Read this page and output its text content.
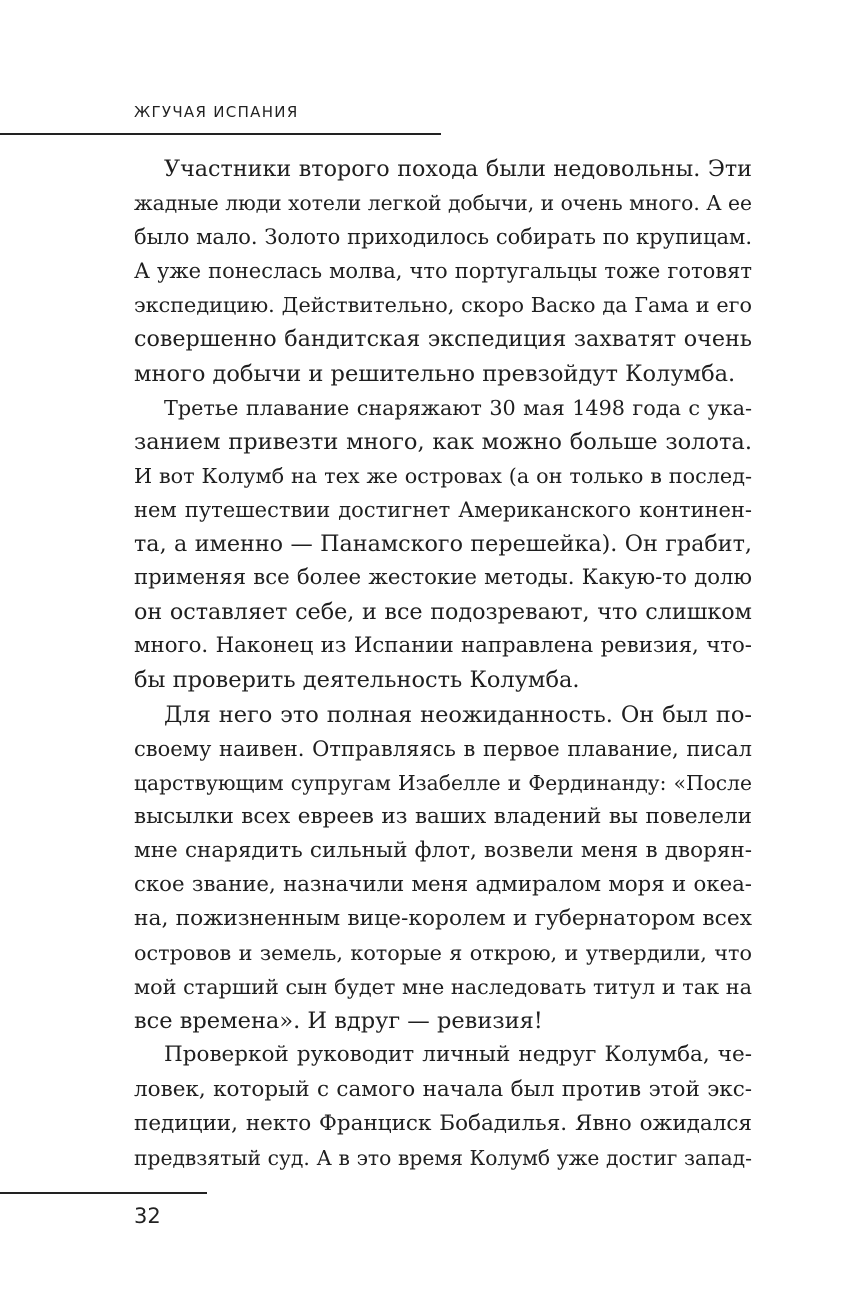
ЖГУЧАЯ ИСПАНИЯ

Участники второго похода были недовольны. Эти
жадные люди хотели легкой добычи, и очень много. А ее
было мало. Золото приходилось собирать по крупицам.
А уже понеслась молва, что португальцы тоже готовят
экспедицию. Действительно, скоро Васко да Гама и его
совершенно бандитская экспедиция захватят очень
много добычи и решительно превзойдут Колумба.

Третье плавание снаряжают 30 мая 1498 года с ука-
занием привезти много, как можно больше золота.
И вот Колумб на тех же островах (а он только в послед-
нем путешествии достигнет Американского континен-
та, а именно — Панамского перешейка). Он грабит,
применяя все более жестокие методы. Какую-то долю
он оставляет себе, и все подозревают, что слишком
много. Наконец из Испании направлена ревизия, что-
бы проверить деятельность Колумба.

Для него это полная неожиданность. Он был по-
своему наивен. Отправляясь в первое плавание, писал
царствующим супругам Изабелле и Фердинанду: «После
высылки всех евреев из ваших владений вы повелели
мне снарядить сильный флот, возвели меня в дворян-
ское звание, назначили меня адмиралом моря и океа-
на, пожизненным вице-королем и губернатором всех
островов и земель, которые я открою, и утвердили, что
мой старший сын будет мне наследовать титул и так на
все времена». И вдруг — ревизия!

Проверкой руководит личный недруг Колумба, че-
ловек, который с самого начала был против этой экс-
педиции, некто Франциск Бобадилья. Явно ожидался
предвзятый суд. А в это время Колумб уже достиг запад-

32
